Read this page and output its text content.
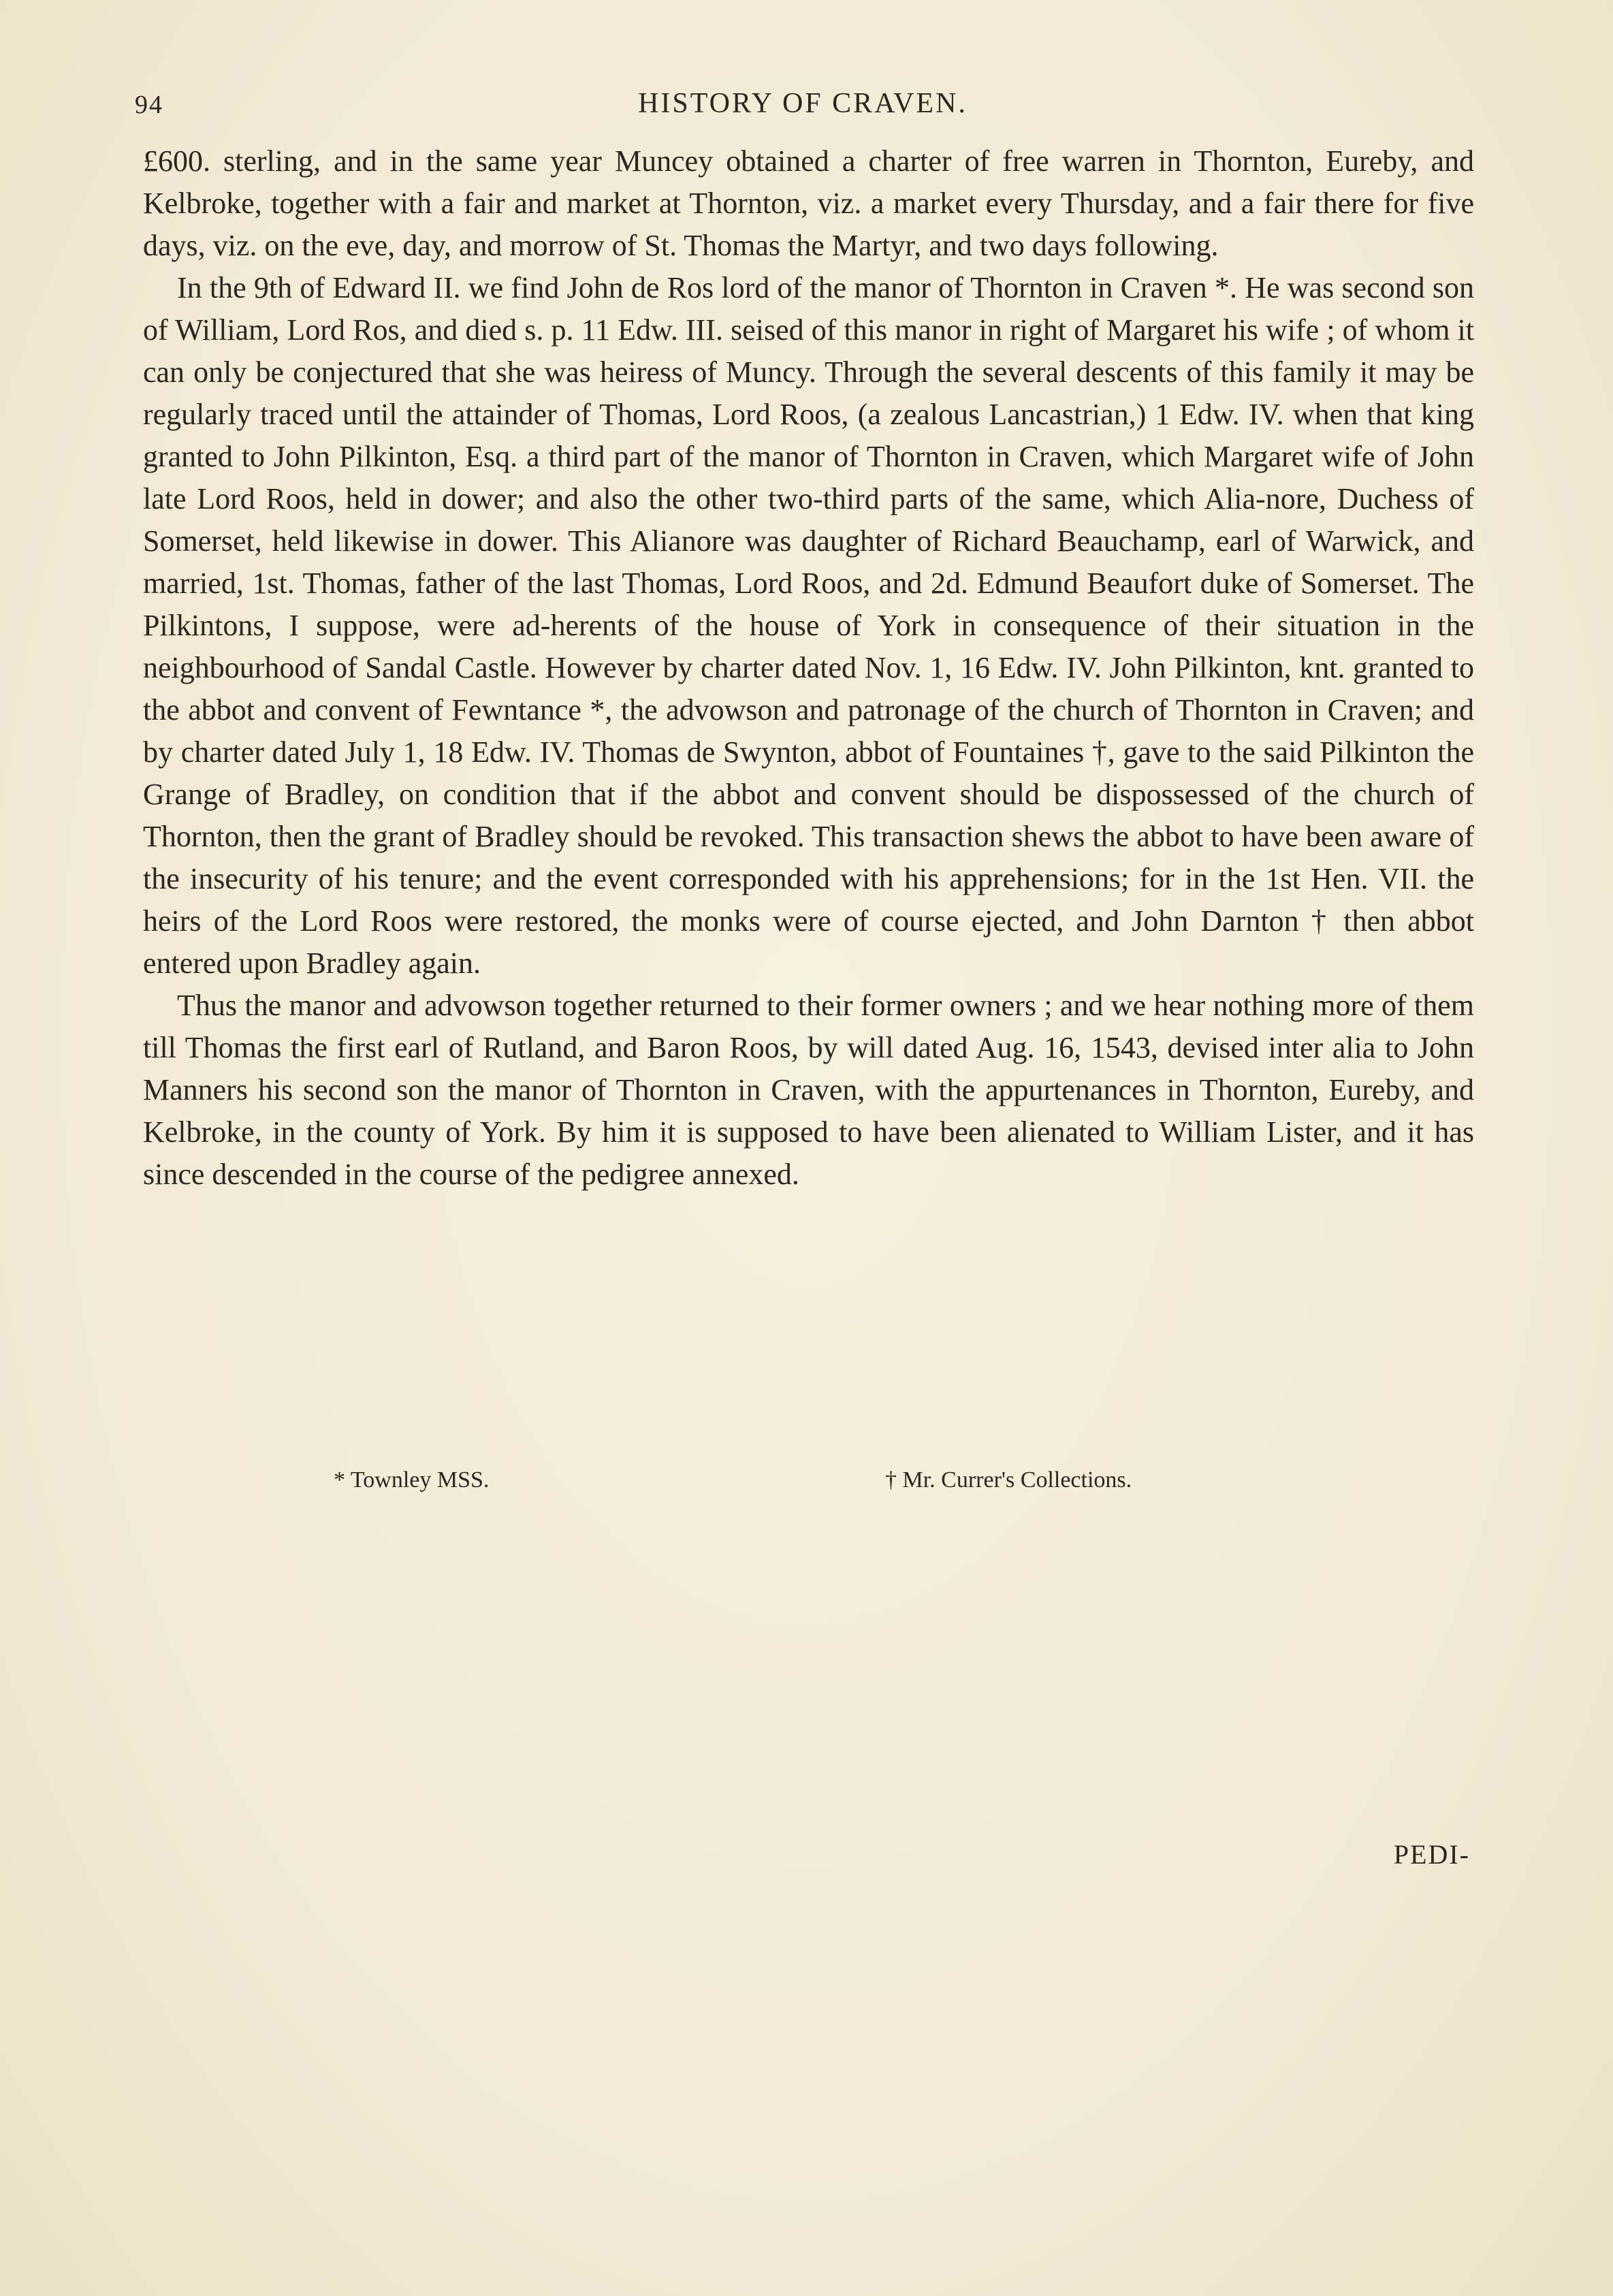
94	HISTORY OF CRAVEN.

£600. sterling, and in the same year Muncey obtained a charter of free warren in Thornton, Eureby, and Kelbroke, together with a fair and market at Thornton, viz. a market every Thursday, and a fair there for five days, viz. on the eve, day, and morrow of St. Thomas the Martyr, and two days following.

In the 9th of Edward II. we find John de Ros lord of the manor of Thornton in Craven *. He was second son of William, Lord Ros, and died s. p. 11 Edw. III. seised of this manor in right of Margaret his wife ; of whom it can only be conjectured that she was heiress of Muncy. Through the several descents of this family it may be regularly traced until the attainder of Thomas, Lord Roos, (a zealous Lancastrian,) 1 Edw. IV. when that king granted to John Pilkinton, Esq. a third part of the manor of Thornton in Craven, which Margaret wife of John late Lord Roos, held in dower; and also the other two-third parts of the same, which Alia-nore, Duchess of Somerset, held likewise in dower. This Alianore was daughter of Richard Beauchamp, earl of Warwick, and married, 1st. Thomas, father of the last Thomas, Lord Roos, and 2d. Edmund Beaufort duke of Somerset. The Pilkintons, I suppose, were ad-herents of the house of York in consequence of their situation in the neighbourhood of Sandal Castle. However by charter dated Nov. 1, 16 Edw. IV. John Pilkinton, knt. granted to the abbot and convent of Fewntance *, the advowson and patronage of the church of Thornton in Craven; and by charter dated July 1, 18 Edw. IV. Thomas de Swynton, abbot of Fountaines †, gave to the said Pilkinton the Grange of Bradley, on condition that if the abbot and convent should be dispossessed of the church of Thornton, then the grant of Bradley should be revoked. This transaction shews the abbot to have been aware of the insecurity of his tenure; and the event corresponded with his apprehensions; for in the 1st Hen. VII. the heirs of the Lord Roos were restored, the monks were of course ejected, and John Darnton † then abbot entered upon Bradley again.

Thus the manor and advowson together returned to their former owners ; and we hear nothing more of them till Thomas the first earl of Rutland, and Baron Roos, by will dated Aug. 16, 1543, devised inter alia to John Manners his second son the manor of Thornton in Craven, with the appurtenances in Thornton, Eureby, and Kelbroke, in the county of York. By him it is supposed to have been alienated to William Lister, and it has since descended in the course of the pedigree annexed.

* Townley MSS.	† Mr. Currer's Collections.
PEDI-
